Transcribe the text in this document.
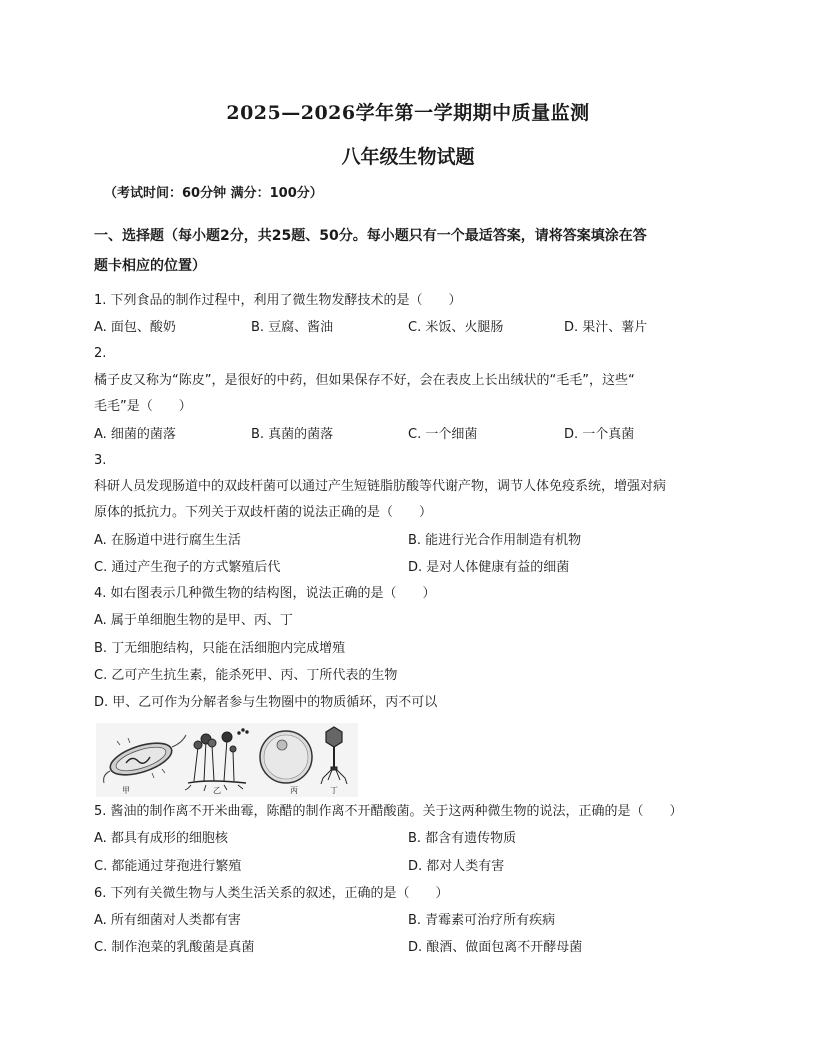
2025—2026学年第一学期期中质量监测
八年级生物试题
（考试时间：60分钟 满分：100分）
一、选择题（每小题2分，共25题、50分。每小题只有一个最适答案，请将答案填涂在答
题卡相应的位置）
1. 下列食品的制作过程中，利用了微生物发酵技术的是（　　）
A. 面包、酸奶	B. 豆腐、酱油	C. 米饭、火腿肠	D. 果汁、薯片
2.
橘子皮又称为“陈皮”，是很好的中药，但如果保存不好，会在表皮上长出绒状的“毛毛”，这些“
毛毛”是（　　）
A. 细菌的菌落	B. 真菌的菌落	C. 一个细菌	D. 一个真菌
3.
科研人员发现肠道中的双歧杆菌可以通过产生短链脂肪酸等代谢产物，调节人体免疫系统，增强对病
原体的抵抗力。下列关于双歧杆菌的说法正确的是（　　）
A. 在肠道中进行腐生生活	B. 能进行光合作用制造有机物
C. 通过产生孢子的方式繁殖后代	D. 是对人体健康有益的细菌
4. 如右图表示几种微生物的结构图，说法正确的是（　　）
A. 属于单细胞生物的是甲、丙、丁
B. 丁无细胞结构，只能在活细胞内完成增殖
C. 乙可产生抗生素，能杀死甲、丙、丁所代表的生物
D. 甲、乙可作为分解者参与生物圈中的物质循环，丙不可以
甲	乙	丙	丁
5. 酱油的制作离不开米曲霉，陈醋的制作离不开醋酸菌。关于这两种微生物的说法，正确的是（　　）
A. 都具有成形的细胞核	B. 都含有遗传物质
C. 都能通过芽孢进行繁殖	D. 都对人类有害
6. 下列有关微生物与人类生活关系的叙述，正确的是（　　）
A. 所有细菌对人类都有害	B. 青霉素可治疗所有疾病
C. 制作泡菜的乳酸菌是真菌	D. 酿酒、做面包离不开酵母菌
